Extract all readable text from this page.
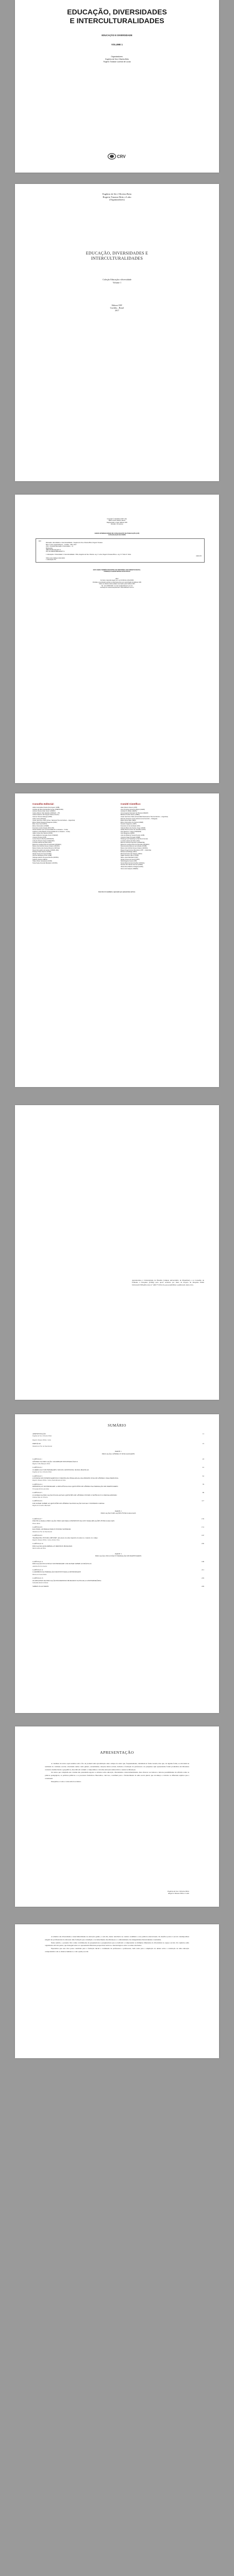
EDUCAÇÃO, DIVERSIDADES
E INTERCULTURALIDADES
EDUCAÇÃO E DIVERSIDADE
VOLUME 1
Organizadores:
Eugênio de Sá e Oliveira Brito
Rogerio Tonasse Lucimar de Lucas
CRV
Eugênio de Sá e Oliveira Brito
Rogerio Tonasse Brito e Lobo
(Organizadores)
EDUCAÇÃO, DIVERSIDADES E
INTERCULTURALIDADES
Coleção Educação e diversidade
Volume 1
Editora CRV
Curitiba – Brasil
2017
Copyright © da Editora CRV Ltda.
Editor-chefe: Railson Moura
Diagramação e Capa: Editora CRV
Revisão: Os Autores
DADOS INTERNACIONAIS DE CATALOGAÇÃO NA PUBLICAÇÃO (CIP)
CATALOGAÇÃO NA FONTE
E24
Educação, diversidades e interculturalidades. / Eugênio de Sá e Oliveira Brito, Rogerio Tonasse
Brito e Lobo (organizadores) – Curitiba : CRV, 2017.
232 p. (Coleção Educação e diversidade, v. 1)
Bibliografia
ISBN 978-85-444-2077-4
DOI 10.24824/978854442077.4
1. Educação 2. Diversidade 3. Interculturalidade I. Brito, Eugênio de Sá e Oliveira. org. II. Lobo, Rogerio Tonasse Brito e. org. III. Título IV. Série.
CDD 370
Índice para catálogo sistemático
1. Educação 370
ESTA OBRA TAMBÉM ENCONTRA-SE DISPONÍVEL EM FORMATO DIGITAL.
CONHEÇA E BAIXE NOSSO APLICATIVO!
2017
Foi feito o depósito legal conf. Lei 10.994 de 14/12/2004
Proibida a reprodução parcial ou total desta obra sem autorização da Editora CRV
Todos os direitos desta edição reservados pela: Editora CRV
Tel.: (41) 3039-6418 - E-mail: sac@editoracrv.com.br
Conheça os nossos lançamentos: www.editoracrv.com.br
Conselho Editorial:
Aldira Guimarães Duarte Domínguez (UNB)
Andréia da Silva Quintanilha Sousa (UNIR/UFRN)
Antônio Pereira Gaio Júnior (UFRRJ)
Carlos Alberto Vilar Estêvão (UMINHO – PT)
Carlos Federico Dominguez Avila (Unieuro)
Carmen Tereza Velanga (UNIR)
Celso Conti (UFSCar)
Cesar Gerónimo Tello (Univer. Nacional Três de Febrero – Argentina)
Elione Maria Nogueira Diogenes (UFAL)
Élsio José Corá (UFFS)
Elizeu Clementino (UNEB)
Francisco Carlos Duarte (PUC-PR)
Gloria Fariñas León (Universidade de La Havana – Cuba)
Guillermo Arias Beatón (Universidade de La Havana – Cuba)
Jailson Alves dos Santos (UFRJ)
João Adalberto Campato Junior (UNESP)
Josania Portela (UFPI)
Leonel Severo Rocha (UNISINOS)
Lídia de Oliveira Xavier (UNIEURO)
Lourdes Helena da Silva (UFV)
Maria de Lourdes Pinto de Almeida (UNOESC)
Maria Lília Imbiriba Sousa Colares (UFOPA)
Maria Cristina dos Santos Bezerra (UFSCar)
Paulo Romualdo Hernandes (UNIFAL-MG)
Rodrigo Pratte-Santos (UFES)
Sérgio Nunes de Jesus (IFRO)
Simone Rodrigues Pinto (UNB)
Solange Helena Ximenes-Rocha (UFOPA)
Sydione Santos (UEPG)
Tadeu Oliver Gonçalves (UFPA)
Tania Suely Azevedo Brasileiro (UFOPA)
Comitê Científico:
Altair Alberto Fávero (UPF)
Ana Chrystina Venancio Mignot (UERJ)
Andréia N. Militão (UEMS)
Anna Augusta Sampaio de Oliveira (UNESP)
Barbara Coelho Neves (UFBA)
Cesar Gerónimo Tello (Universidad Nacional de Três de Febrero – Argentina)
Diosnel Centurion (Univ Autónoma de Asunción – Paraguai)
Eliane Rose Maio (UEM)
Elizeu Clementino de Souza (UNEB)
Fauston Negreiros (UFPI)
Francisco Ari de Andrade (UFC)
Gláucia Maria dos Santos Jorge (UFOP)
Helder Buenos Aires de Carvalho (UFPI)
Ilma Passos A. Veiga (UNICEUB)
Inês Bragança (UERJ)
José de Ribamar Sousa Pereira (UCB)
Jussara Fraga Portugal (UNEB)
Kilwangy Kya Kapitango-a-Samba (Unemat)
Lourdes Helena da Silva (UFV)
Marcos Vinicius Francisco (UNOESTE)
Maria de Lourdes Pinto de Almeida (UNOESC)
Maria Eurácia Barreto de Andrade (UFRB)
Maria Lília Imbiriba Sousa Colares (UFOPA)
Míguel Ángel Gómez-Mendoza (UTP – Colômbia)
Mohammed Elhajji (UFRJ)
Mônica Pereira dos Santos (UFRJ)
Najela Tavares Ujiie (UTFPR)
Nilson José Machado (USP)
Sérgio Nunes de Jesus (IFRO)
Silvia Regina Canan (URI)
Sonia Maria Ferreira Koehler (UNISAL)
Suzana dos Santos Gomes (UFMG)
Vânia Alves Martins Chaigar (FURG)
Vera Lucia Gaspar (UDESC)
Este livro foi avaliado e aprovado por pareceristas ad hoc.
Agradecemos à Universidade de Brasília (campus universitário de Planaltina) e ao Conselho de Fomento à Pesquisa (CNPq) pelo apoio recebido por meio de Projeto de Pesquisa Edital Universal/CNPq (Processo nº 446177/2014-3), que possibilitou a publicação desta obra.
SUMÁRIO
11
APRESENTAÇÃO
Eugênio de Sá e Oliveira Brito
Rogerio Tonasse Brito e Lobo
15
PREFÁCIO
Wanderson Flor do Nascimento
PARTE 1
EDUCAÇÃO, GÊNERO E SEXUALIDADES
23
CAPÍTULO 1
GÊNERO NA EDUCAÇÃO: UM DEBATE EPISTEMOLÓGICO
Regina Célia Marques Pinto
41
CAPÍTULO 2
CURRÍCULO E DIVERSIDADES: NOVOS CONTEXTOS, NOVAS PRÁTICAS
Eugênio de Sá e Oliveira Brito
61
CAPÍTULO 3
O ENSINO DE ENFRENTAMENTO E PROTEÇÃO PEDAGÓGICA NA PERSPECTIVA DE GÊNERO: UMA PROPOSTA
Rogerio Tonasse Brito e Lobo, Paulo Renato da Silva
79
CAPÍTULO 4
DIFERENÇA E DIVERSIDADE: A INFLUÊNCIA DAS QUESTÕES DE GÊNERO NA FORMAÇÃO DE PROFESSORES
Fernanda Pereira da Silva
99
CAPÍTULO 5
O OLHAR DA EDUCAÇÃO ESCOLAR NAS QUESTÕES DE GÊNERO: ENTRE O SILÊNCIO E O PROTAGONISMO
Tatiana Dias de Oliveira
117
CAPÍTULO 6
UM OLHAR SOBRE AS QUESTÕES DE GÊNERO NA EDUCAÇÃO SOCIAL E INTERSECCIONAL
Regina de Lourdes Machado
PARTE 2
EDUCAÇÃO E RELAÇÕES ÉTNICO-RACIAIS
135
CAPÍTULO 7
POLÍTICA PARA A EDUCAÇÃO: EDUCAR PARA O PRESENTE DA LEI E PARA RELAÇÕES ÉTNICO-RACIAIS
Brown Rutts
151
CAPÍTULO 8
RACISMO, ANTIRRACISMO E ENSINO SUPERIOR
Wanderson Flor do Nascimento
167
CAPÍTULO 9
TRABALHO, ESTUDO, MESTRE: um ensaio de uma trajetória docente no contexto do campo
Rogerio Tonasse Brito e Lobo, Denise Silva
185
CAPÍTULO 10
EDUCAÇÃO QUILOMBOLA E DIREITOS HUMANOS
Marcio Rosa da Silva
PARTE 3
EDUCAÇÃO, INCLUSÃO E FORMAÇÃO DE PROFESSORES
199
CAPÍTULO 11
EDUCAÇÃO INCLUSIVA E DIVERSIDADE: UM OLHAR SOBRE AS PRÁTICAS
Andréia Pereira Soares
211
CAPÍTULO 12
CAMINHOS DA FORMAÇÃO DOCENTE PARA A DIVERSIDADE
Helena de Sousa Maia
219
CAPÍTULO 13
OS DESAFIOS DA EDUCAÇÃO EM DIREITOS HUMANOS NA ESCOLA CONTEMPORÂNEA
Sebastião Roberto Monte
229
SOBRE OS AUTORES
APRESENTAÇÃO

A coletânea de textos aqui reunidos tem o fito de produzir uma aproximação entre campos de saber que, frequentemente, trabalham de forma isolada, mas que, de alguma forma, se articulam na realidade do cotidiano escolar, abordando temas como gênero, sexualidades, relações étnico-raciais, inclusão e formação de professores. As pesquisas aqui apresentadas foram produzidas em diferentes contextos institucionais e geográficos, mas têm em comum o compromisso com uma educação democrática e atenta às diferenças.

Os textos que compõem este volume não pretendem esgotar os debates sobre educação, diversidades e interculturalidades, mas oferecer aos leitores e leitoras possibilidades de reflexão sobre as práticas pedagógicas, as políticas públicas e os processos formativos. Buscamos, com isso, contribuir para o fortalecimento de uma escola plural, que reconheça e valorize os diferentes sujeitos que a constituem.

Desejamos a todos e todas uma boa leitura.

Eugênio de Sá e Oliveira Brito
Rogerio Tonasse Brito e Lobo

A temática das diversidades e interculturalidades na educação ganha, a cada dia, maior relevância no cenário acadêmico e nas políticas educacionais. Os desafios postos à escola contemporânea exigem dos profissionais da educação uma formação que contemple o reconhecimento das diferenças e o enfrentamento das desigualdades historicamente construídas.

Neste sentido, o presente livro reúne contribuições de pesquisadores e pesquisadoras que se dedicam a compreender as múltiplas dimensões da diversidade no espaço escolar. Os capítulos estão organizados em três partes, que dialogam entre si e apresentam diferentes perspectivas teóricas e metodológicas sobre os temas abordados.

Esperamos que esta obra possa contribuir para a formação inicial e continuada de professores e professoras, bem como para a ampliação do debate sobre a construção de uma educação comprometida com os direitos humanos e com a justiça social.
